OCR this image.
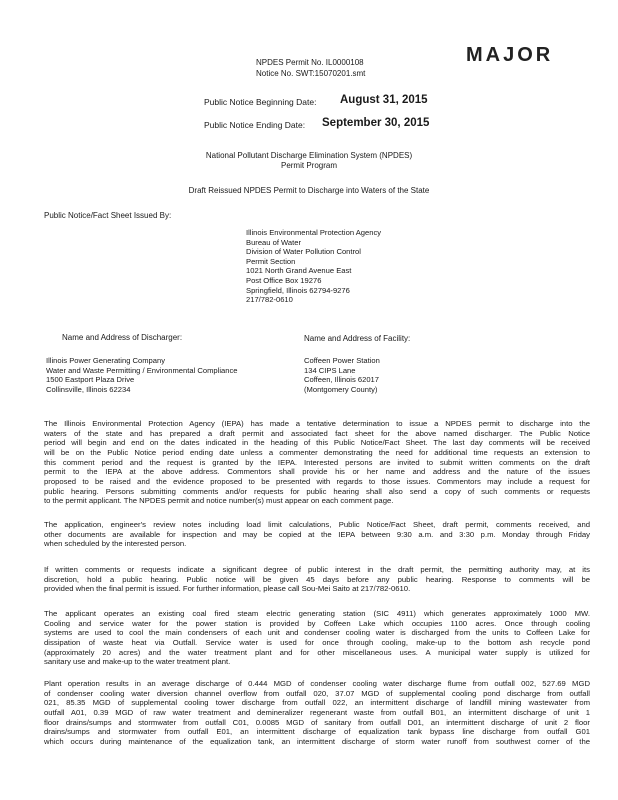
NPDES Permit No. IL0000108
Notice No. SWT:15070201.smt
MAJOR
Public Notice Beginning Date: August 31, 2015
Public Notice Ending Date: September 30, 2015
National Pollutant Discharge Elimination System (NPDES)
Permit Program
Draft Reissued NPDES Permit to Discharge into Waters of the State
Public Notice/Fact Sheet Issued By:
Illinois Environmental Protection Agency
Bureau of Water
Division of Water Pollution Control
Permit Section
1021 North Grand Avenue East
Post Office Box 19276
Springfield, Illinois 62794-9276
217/782-0610
Name and Address of Discharger:	Name and Address of Facility:
Illinois Power Generating Company
Water and Waste Permitting / Environmental Compliance
1500 Eastport Plaza Drive
Collinsville, Illinois 62234
Coffeen Power Station
134 CIPS Lane
Coffeen, Illinois 62017
(Montgomery County)
The Illinois Environmental Protection Agency (IEPA) has made a tentative determination to issue a NPDES permit to discharge into the
waters of the state and has prepared a draft permit and associated fact sheet for the above named discharger. The Public Notice
period will begin and end on the dates indicated in the heading of this Public Notice/Fact Sheet. The last day comments will be received
will be on the Public Notice period ending date unless a commenter demonstrating the need for additional time requests an extension to
this comment period and the request is granted by the IEPA. Interested persons are invited to submit written comments on the draft
permit to the IEPA at the above address. Commentors shall provide his or her name and address and the nature of the issues
proposed to be raised and the evidence proposed to be presented with regards to those issues. Commentors may include a request for
public hearing. Persons submitting comments and/or requests for public hearing shall also send a copy of such comments or requests
to the permit applicant. The NPDES permit and notice number(s) must appear on each comment page.
The application, engineer's review notes including load limit calculations, Public Notice/Fact Sheet, draft permit, comments received, and
other documents are available for inspection and may be copied at the IEPA between 9:30 a.m. and 3:30 p.m. Monday through Friday
when scheduled by the interested person.
If written comments or requests indicate a significant degree of public interest in the draft permit, the permitting authority may, at its
discretion, hold a public hearing. Public notice will be given 45 days before any public hearing. Response to comments will be
provided when the final permit is issued. For further information, please call Sou-Mei Saito at 217/782-0610.
The applicant operates an existing coal fired steam electric generating station (SIC 4911) which generates approximately 1000 MW.
Cooling and service water for the power station is provided by Coffeen Lake which occupies 1100 acres. Once through cooling
systems are used to cool the main condensers of each unit and condenser cooling water is discharged from the units to Coffeen Lake for
dissipation of waste heat via Outfall. Service water is used for once through cooling, make-up to the bottom ash recycle pond
(approximately 20 acres) and the water treatment plant and for other miscellaneous uses. A municipal water supply is utilized for
sanitary use and make-up to the water treatment plant.
Plant operation results in an average discharge of 0.444 MGD of condenser cooling water discharge flume from outfall 002, 527.69 MGD
of condenser cooling water diversion channel overflow from outfall 020, 37.07 MGD of supplemental cooling pond discharge from outfall
021, 85.35 MGD of supplemental cooling tower discharge from outfall 022, an intermittent discharge of landfill mining wastewater from
outfall A01, 0.39 MGD of raw water treatment and demineralizer regenerant waste from outfall B01, an intermittent discharge of unit 1
floor drains/sumps and stormwater from outfall C01, 0.0085 MGD of sanitary from outfall D01, an intermittent discharge of unit 2 floor
drains/sumps and stormwater from outfall E01, an intermittent discharge of equalization tank bypass line discharge from outfall G01
which occurs during maintenance of the equalization tank, an intermittent discharge of storm water runoff from southwest corner of the
